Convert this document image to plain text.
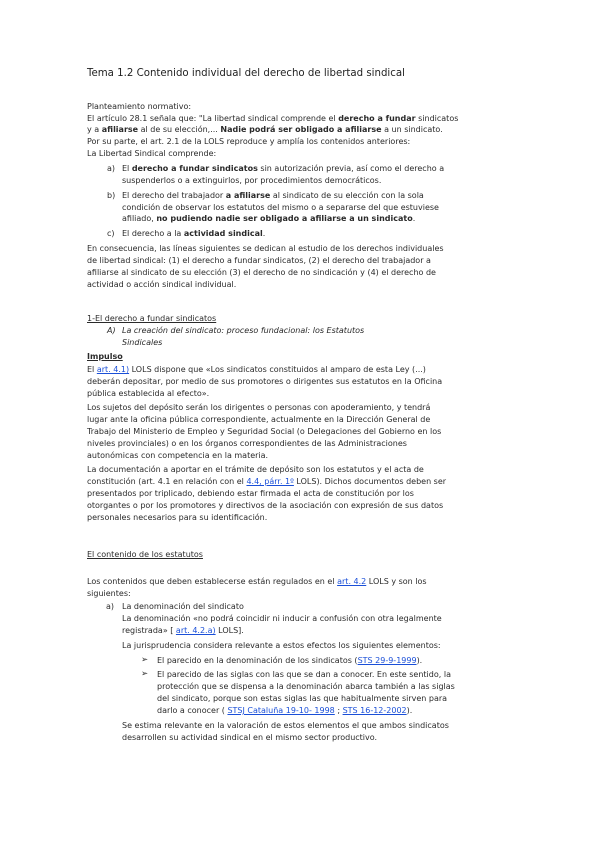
Tema 1.2 Contenido individual del derecho de libertad sindical
Planteamiento normativo:
El artículo 28.1 señala que: "La libertad sindical comprende el derecho a fundar sindicatos
y a afiliarse al de su elección,... Nadie podrá ser obligado a afiliarse a un sindicato.
Por su parte, el art. 2.1 de la LOLS reproduce y amplía los contenidos anteriores:
La Libertad Sindical comprende:
a) El derecho a fundar sindicatos sin autorización previa, así como el derecho a
suspenderlos o a extinguirlos, por procedimientos democráticos.
b) El derecho del trabajador a afiliarse al sindicato de su elección con la sola
condición de observar los estatutos del mismo o a separarse del que estuviese
afiliado, no pudiendo nadie ser obligado a afiliarse a un sindicato.
c) El derecho a la actividad sindical.
En consecuencia, las líneas siguientes se dedican al estudio de los derechos individuales
de libertad sindical: (1) el derecho a fundar sindicatos, (2) el derecho del trabajador a
afiliarse al sindicato de su elección (3) el derecho de no sindicación y (4) el derecho de
actividad o acción sindical individual.
1-El derecho a fundar sindicatos
A) La creación del sindicato: proceso fundacional: los Estatutos
Sindicales
Impulso
El art. 4.1) LOLS dispone que «Los sindicatos constituidos al amparo de esta Ley (...)
deberán depositar, por medio de sus promotores o dirigentes sus estatutos en la Oficina
pública establecida al efecto».
Los sujetos del depósito serán los dirigentes o personas con apoderamiento, y tendrá
lugar ante la oficina pública correspondiente, actualmente en la Dirección General de
Trabajo del Ministerio de Empleo y Seguridad Social (o Delegaciones del Gobierno en los
niveles provinciales) o en los órganos correspondientes de las Administraciones
autonómicas con competencia en la materia.
La documentación a aportar en el trámite de depósito son los estatutos y el acta de
constitución (art. 4.1 en relación con el 4.4, párr. 1º LOLS). Dichos documentos deben ser
presentados por triplicado, debiendo estar firmada el acta de constitución por los
otorgantes o por los promotores y directivos de la asociación con expresión de sus datos
personales necesarios para su identificación.
El contenido de los estatutos
Los contenidos que deben establecerse están regulados en el art. 4.2 LOLS y son los
siguientes:
a) La denominación del sindicato
La denominación «no podrá coincidir ni inducir a confusión con otra legalmente
registrada» [ art. 4.2.a) LOLS].
La jurisprudencia considera relevante a estos efectos los siguientes elementos:
➢ El parecido en la denominación de los sindicatos (STS 29-9-1999).
➢ El parecido de las siglas con las que se dan a conocer. En este sentido, la
protección que se dispensa a la denominación abarca también a las siglas
del sindicato, porque son estas siglas las que habitualmente sirven para
darlo a conocer ( STSJ Cataluña 19-10- 1998 ; STS 16-12-2002).
Se estima relevante en la valoración de estos elementos el que ambos sindicatos
desarrollen su actividad sindical en el mismo sector productivo.
